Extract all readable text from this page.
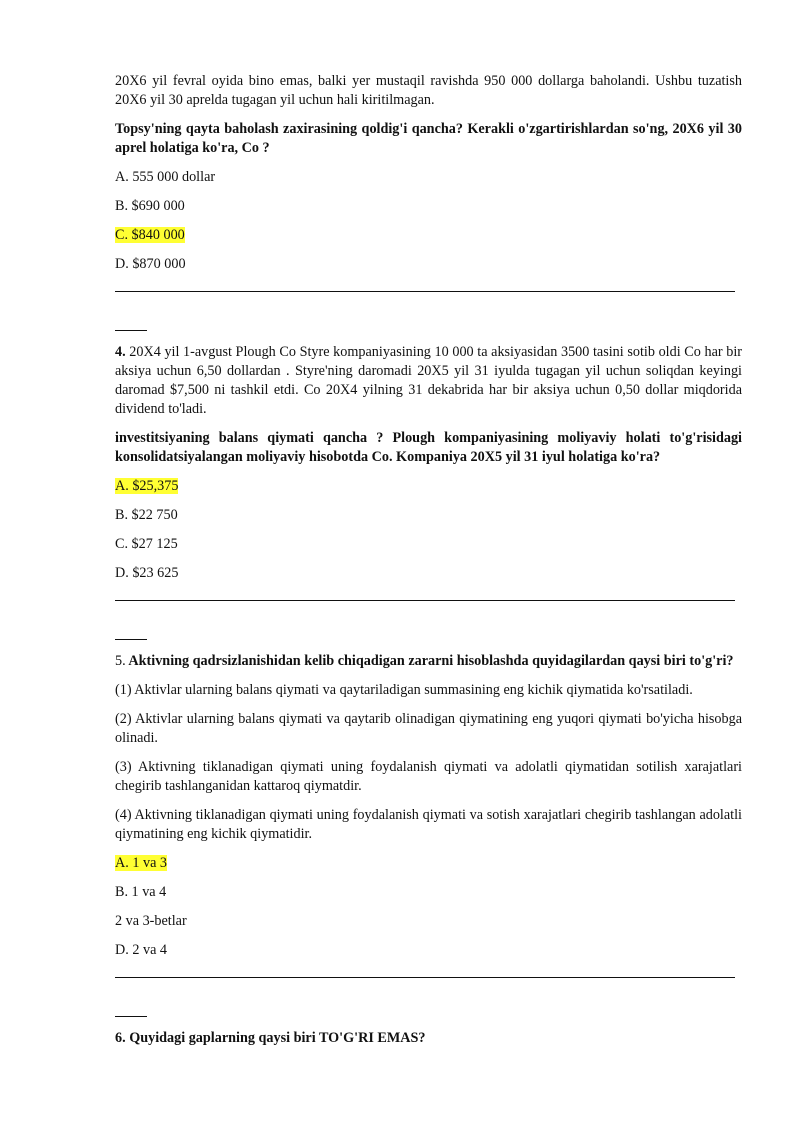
20X6 yil fevral oyida bino emas, balki yer mustaqil ravishda 950 000 dollarga baholandi. Ushbu tuzatish 20X6 yil 30 aprelda tugagan yil uchun hali kiritilmagan.

Topsy'ning qayta baholash zaxirasining qoldig'i qancha? Kerakli o'zgartirishlardan so'ng, 20X6 yil 30 aprel holatiga ko'ra, Co ?

A. 555 000 dollar

B. $690 000

C. $840 000

D. $870 000

4. 20X4 yil 1-avgust Plough Co Styre kompaniyasining 10 000 ta aksiyasidan 3500 tasini sotib oldi Co har bir aksiya uchun 6,50 dollardan . Styre'ning daromadi 20X5 yil 31 iyulda tugagan yil uchun soliqdan keyingi daromad $7,500 ni tashkil etdi. Co 20X4 yilning 31 dekabrida har bir aksiya uchun 0,50 dollar miqdorida dividend to'ladi.

investitsiyaning balans qiymati qancha ? Plough kompaniyasining moliyaviy holati to'g'risidagi konsolidatsiyalangan moliyaviy hisobotda Co. Kompaniya 20X5 yil 31 iyul holatiga ko'ra?

A. $25,375

B. $22 750

C. $27 125

D. $23 625

5. Aktivning qadrsizlanishidan kelib chiqadigan zararni hisoblashda quyidagilardan qaysi biri to'g'ri?

(1) Aktivlar ularning balans qiymati va qaytariladigan summasining eng kichik qiymatida ko'rsatiladi.

(2) Aktivlar ularning balans qiymati va qaytarib olinadigan qiymatining eng yuqori qiymati bo'yicha hisobga olinadi.

(3) Aktivning tiklanadigan qiymati uning foydalanish qiymati va adolatli qiymatidan sotilish xarajatlari chegirib tashlanganidan kattaroq qiymatdir.

(4) Aktivning tiklanadigan qiymati uning foydalanish qiymati va sotish xarajatlari chegirib tashlangan adolatli qiymatining eng kichik qiymatidir.

A. 1 va 3

B. 1 va 4

2 va 3-betlar

D. 2 va 4

6. Quyidagi gaplarning qaysi biri TO'G'RI EMAS?
